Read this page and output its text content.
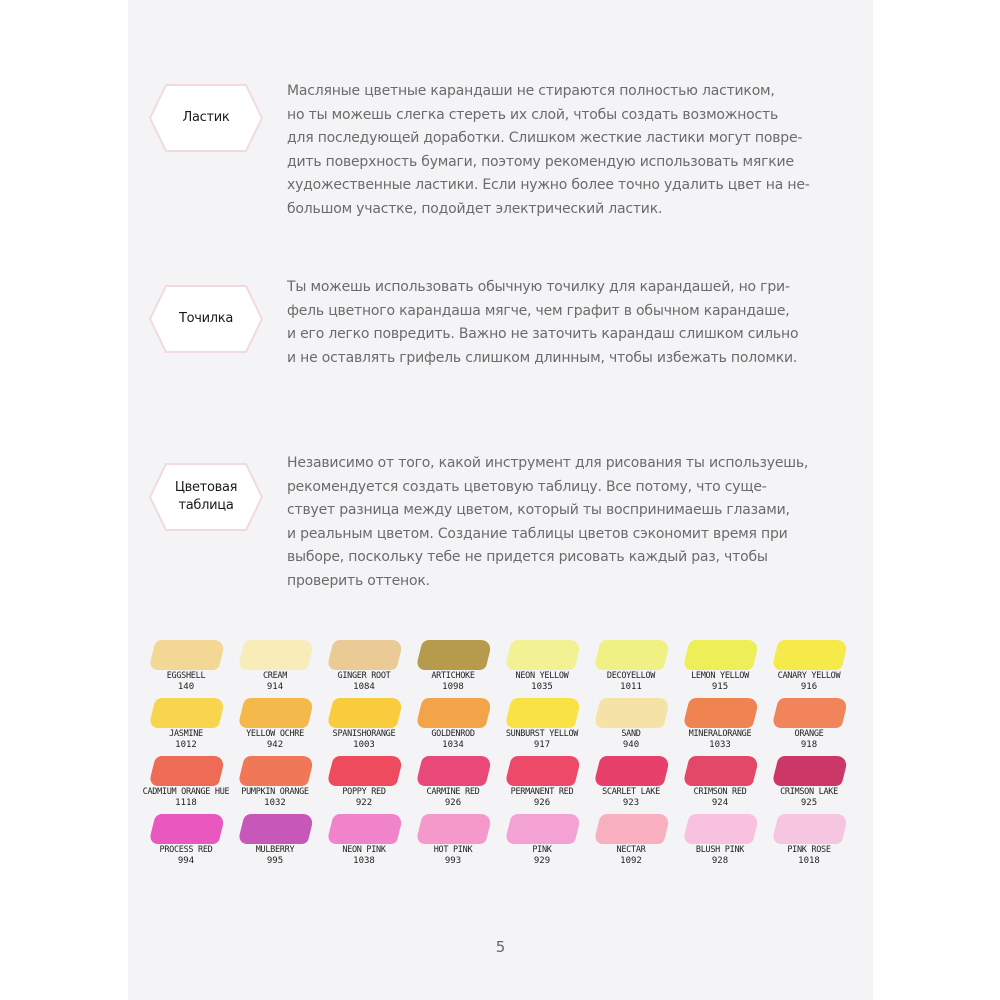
Ластик
Масляные цветные карандаши не стираются полностью ластиком,
но ты можешь слегка стереть их слой, чтобы создать возможность
для последующей доработки. Слишком жесткие ластики могут повре-
дить поверхность бумаги, поэтому рекомендую использовать мягкие
художественные ластики. Если нужно более точно удалить цвет на не-
большом участке, подойдет электрический ластик.
Точилка
Ты можешь использовать обычную точилку для карандашей, но гри-
фель цветного карандаша мягче, чем графит в обычном карандаше,
и его легко повредить. Важно не заточить карандаш слишком сильно
и не оставлять грифель слишком длинным, чтобы избежать поломки.
Цветовая
таблица
Независимо от того, какой инструмент для рисования ты используешь,
рекомендуется создать цветовую таблицу. Все потому, что суще-
ствует разница между цветом, который ты воспринимаешь глазами,
и реальным цветом. Создание таблицы цветов сэкономит время при
выборе, поскольку тебе не придется рисовать каждый раз, чтобы
проверить оттенок.
EGGSHELL
140
CREAM
914
GINGER ROOT
1084
ARTICHOKE
1098
NEON YELLOW
1035
DECOYELLOW
1011
LEMON YELLOW
915
CANARY YELLOW
916
JASMINE
1012
YELLOW OCHRE
942
SPANISHORANGE
1003
GOLDENROD
1034
SUNBURST YELLOW
917
SAND
940
MINERALORANGE
1033
ORANGE
918
CADMIUM ORANGE HUE
1118
PUMPKIN ORANGE
1032
POPPY RED
922
CARMINE RED
926
PERMANENT RED
926
SCARLET LAKE
923
CRIMSON RED
924
CRIMSON LAKE
925
PROCESS RED
994
MULBERRY
995
NEON PINK
1038
HOT PINK
993
PINK
929
NECTAR
1092
BLUSH PINK
928
PINK ROSE
1018
5
